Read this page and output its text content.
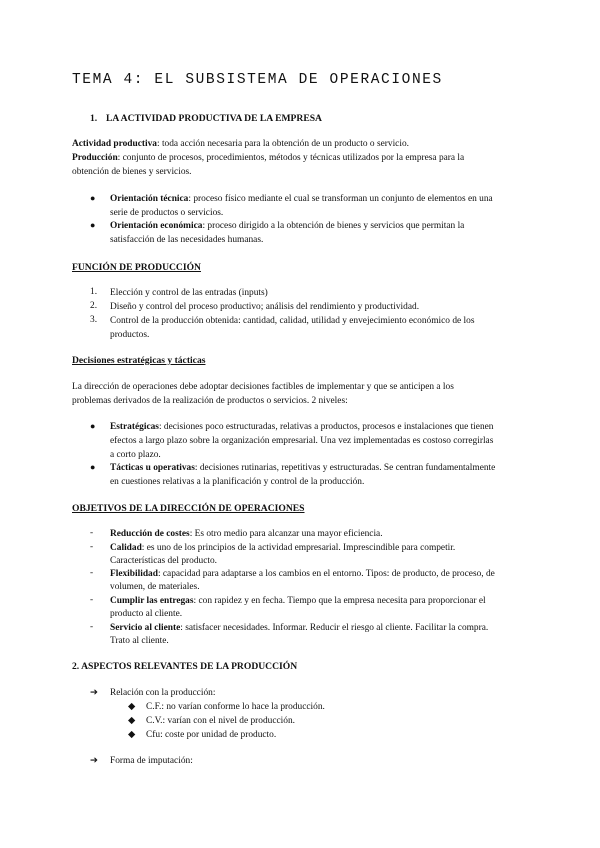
TEMA 4: EL SUBSISTEMA DE OPERACIONES
1. LA ACTIVIDAD PRODUCTIVA DE LA EMPRESA
Actividad productiva: toda acción necesaria para la obtención de un producto o servicio.
Producción: conjunto de procesos, procedimientos, métodos y técnicas utilizados por la empresa para la
obtención de bienes y servicios.
● Orientación técnica: proceso físico mediante el cual se transforman un conjunto de elementos en una
serie de productos o servicios.
● Orientación económica: proceso dirigido a la obtención de bienes y servicios que permitan la
satisfacción de las necesidades humanas.
FUNCIÓN DE PRODUCCIÓN
1. Elección y control de las entradas (inputs)
2. Diseño y control del proceso productivo; análisis del rendimiento y productividad.
3. Control de la producción obtenida: cantidad, calidad, utilidad y envejecimiento económico de los
productos.
Decisiones estratégicas y tácticas
La dirección de operaciones debe adoptar decisiones factibles de implementar y que se anticipen a los
problemas derivados de la realización de productos o servicios. 2 niveles:
● Estratégicas: decisiones poco estructuradas, relativas a productos, procesos e instalaciones que tienen
efectos a largo plazo sobre la organización empresarial. Una vez implementadas es costoso corregirlas
a corto plazo.
● Tácticas u operativas: decisiones rutinarias, repetitivas y estructuradas. Se centran fundamentalmente
en cuestiones relativas a la planificación y control de la producción.
OBJETIVOS DE LA DIRECCIÓN DE OPERACIONES
- Reducción de costes: Es otro medio para alcanzar una mayor eficiencia.
- Calidad: es uno de los principios de la actividad empresarial. Imprescindible para competir.
Características del producto.
- Flexibilidad: capacidad para adaptarse a los cambios en el entorno. Tipos: de producto, de proceso, de
volumen, de materiales.
- Cumplir las entregas: con rapidez y en fecha. Tiempo que la empresa necesita para proporcionar el
producto al cliente.
- Servicio al cliente: satisfacer necesidades. Informar. Reducir el riesgo al cliente. Facilitar la compra.
Trato al cliente.
2. ASPECTOS RELEVANTES DE LA PRODUCCIÓN
➔ Relación con la producción:
◆ C.F.: no varían conforme lo hace la producción.
◆ C.V.: varían con el nivel de producción.
◆ Cfu: coste por unidad de producto.
➔ Forma de imputación:
